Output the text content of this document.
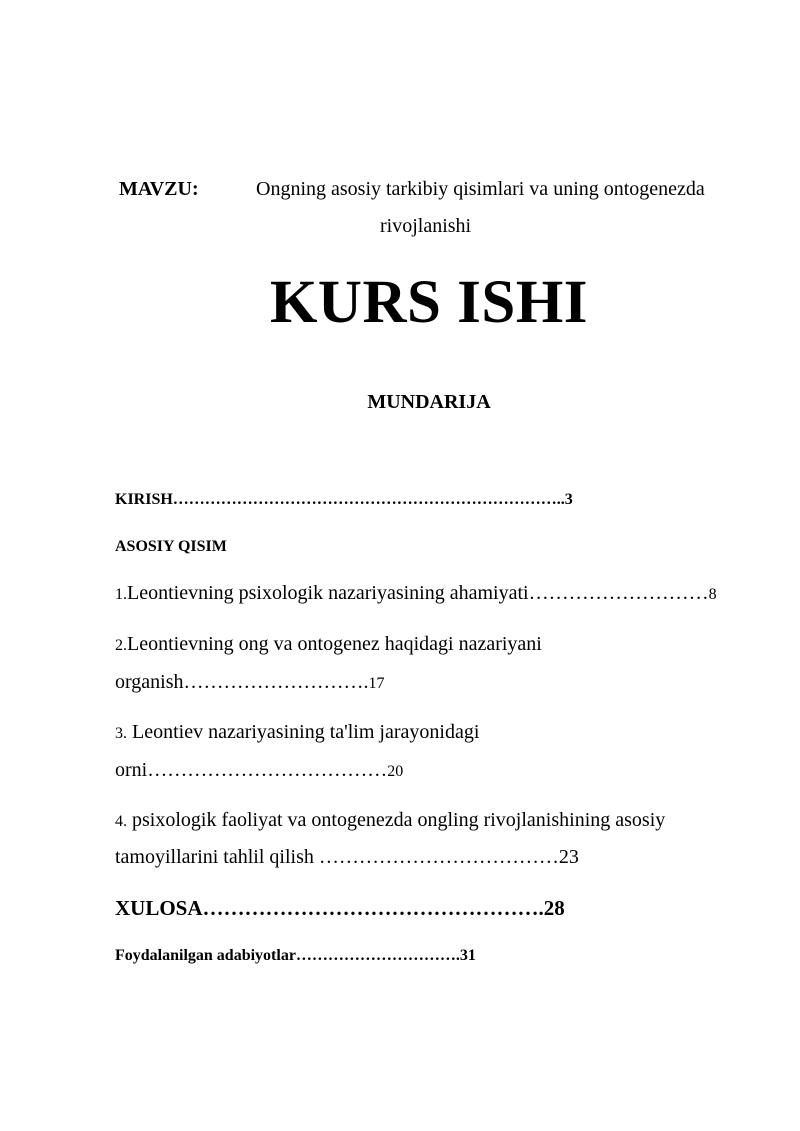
MAVZU:	Ongning asosiy tarkibiy qisimlari va uning ontogenezda
rivojlanishi
KURS ISHI
MUNDARIJA
KIRISH………………………………………………………………..3
ASOSIY QISIM
1.Leontievning psixologik nazariyasining ahamiyati………………………8
2.Leontievning ong va ontogenez haqidagi nazariyani
organish……………………….17
3. Leontiev nazariyasining ta'lim jarayonidagi
orni………………………………20
4. psixologik faoliyat va ontogenezda ongling rivojlanishining asosiy
tamoyillarini tahlil qilish ………………………………23
XULOSA………………………………………….28
Foydalanilgan adabiyotlar………………………….31
